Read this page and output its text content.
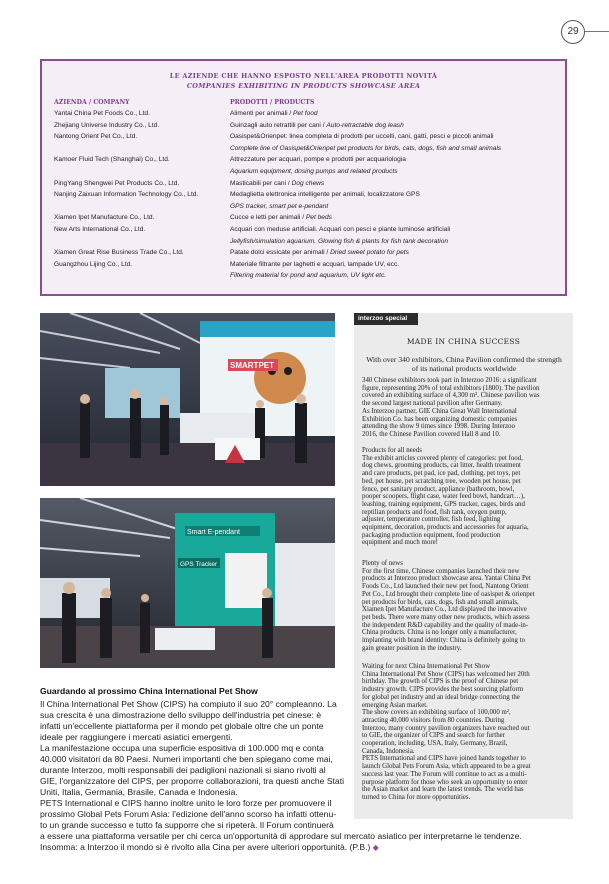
29
LE AZIENDE CHE HANNO ESPOSTO NELL'AREA PRODOTTI NOVITÀ
COMPANIES EXHIBITING IN PRODUCTS SHOWCASE AREA
AZIENDA / COMPANY	PRODOTTI / PRODUCTS
Yantai China Pet Foods Co., Ltd.	Alimenti per animali / Pet food
Zhejiang Universe Industry Co., Ltd.	Guinzagli auto retrattili per cani / Auto-retractable dog leash
Nantong Orient Pet Co., Ltd.	Oasispet&Orienpet: linea completa di prodotti per uccelli, cani, gatti, pesci e piccoli animali
Complete line of Oasispet&Orienpet pet products for birds, cats, dogs, fish and small animals
Kamoer Fluid Tech (Shanghai) Co., Ltd.	Attrezzature per acquari, pompe e prodotti per acquariologia
Aquarium equipment, dosing pumps and related products
PingYang Shengwei Pet Products Co., Ltd.	Masticabili per cani / Dog chews
Nanjing Zaixuan Information Technology Co., Ltd.	Medaglietta elettronica intelligente per animali, localizzatore GPS
GPS tracker, smart pet e-pendant
Xiamen Ipet Manufacture Co., Ltd.	Cucce e letti per animali / Pet beds
New Arts International Co., Ltd.	Acquari con meduse artificiali. Acquari con pesci e piante luminose artificiali
Jellyfish/simulation aquarium. Glowing fish & plants for fish tank decoration
Xiamen Great Rise Business Trade Co., Ltd.	Patate dolci essicate per animali / Dried sweet potato for pets
Guangzhou Lijing Co., Ltd.	Materiale filtrante per laghetti e acquari, lampade UV, ecc.
Filtering material for pond and aquarium, UV light etc.
SMARTPET
Smart E-pendant
GPS Tracker
interzoo special
MADE IN CHINA SUCCESS
With over 340 exhibitors, China Pavilion confirmed the strength of its national products worldwide
340 Chinese exhibitors took part in Interzoo 2016: a significant
figure, representing 20% of total exhibitors (1800). The pavilion
covered an exhibiting surface of 4,300 m². Chinese pavilion was
the second largest national pavilion after Germany.
As Interzoo partner, GIE China Great Wall International
Exhibition Co. has been organizing domestic companies
attending the show 9 times since 1998. During Interzoo
2016, the Chinese Pavilion covered Hall 8 and 10.
Products for all needs
The exhibit articles covered plenty of categories: pet food,
dog chews, grooming products, cat litter, health treatment
and care products, pet pad, ice pad, clothing, pet toys, pet
bed, pet house, pet scratching tree, wooden pet house, pet
fence, pet sanitary product, appliance (bathroom, bowl,
pooper scoopers, flight case, water feed bowl, handcart…),
leashing, training equipment, GPS tracker, cages, birds and
reptilian products and food, fish tank, oxygen pump,
adjuster, temperature controller, fish feed, lighting
equipment, decoration, products and accessories for aquaria,
packaging production equipment, food production
equipment and much more!
Plenty of news
For the first time, Chinese companies launched their new
products at Interzoo product showcase area. Yantai China Pet
Foods Co., Ltd launched their new pet food, Nantong Orient
Pet Co., Ltd brought their complete line of oasispet & orienpet
pet products for birds, cats, dogs, fish and small animals,
Xiamen Ipet Manufacture Co., Ltd displayed the innovative
pet beds. There were many other new products, which assess
the independent R&D capability and the quality of made-in-
China products. China is no longer only a manufacturer,
implanting with brand identity: China is definitely going to
gain greater position in the industry.
Waiting for next China International Pet Show
China International Pet Show (CIPS) has welcomed her 20th
birthday. The growth of CIPS is the proof of Chinese pet
industry growth. CIPS provides the best sourcing platform
for global pet industry and an ideal bridge connecting the
emerging Asian market.
The show covers an exhibiting surface of 100,000 m²,
attracting 40,000 visitors from 80 countries. During
Interzoo, many country pavilion organizers have reached out
to GIE, the organizer of CIPS and search for further
cooperation, including, USA, Italy, Germany, Brazil,
Canada, Indonesia.
PETS International and CIPS have joined hands together to
launch Global Pets Forum Asia, which appeared to be a great
success last year. The Forum will continue to act as a multi-
purpose platform for those who seek an opportunity to enter
the Asian market and learn the latest trends. The world has
turned to China for more opportunities.
Guardando al prossimo China International Pet Show
Il China International Pet Show (CIPS) ha compiuto il suo 20° compleanno. La
sua crescita è una dimostrazione dello sviluppo dell'industria pet cinese: è
infatti un'eccellente piattaforma per il mondo pet globale oltre che un ponte
ideale per raggiungere i mercati asiatici emergenti.
La manifestazione occupa una superficie espositiva di 100.000 mq e conta
40.000 visitatori da 80 Paesi. Numeri importanti che ben spiegano come mai,
durante Interzoo, molti responsabili dei padiglioni nazionali si siano rivolti al
GIE, l'organizzatore del CIPS, per proporre collaborazioni, tra questi anche Stati
Uniti, Italia, Germania, Brasile, Canada e Indonesia.
PETS International e CIPS hanno inoltre unito le loro forze per promuovere il
prossimo Global Pets Forum Asia: l'edizione dell'anno scorso ha infatti ottenu-
to un grande successo e tutto fa supporre che si ripeterà. Il Forum continuerà
a essere una piattaforma versatile per chi cerca un'opportunità di approdare sul mercato asiatico per interpretarne le tendenze.
Insomma: a Interzoo il mondo si è rivolto alla Cina per avere ulteriori opportunità. (P.B.) ◆
